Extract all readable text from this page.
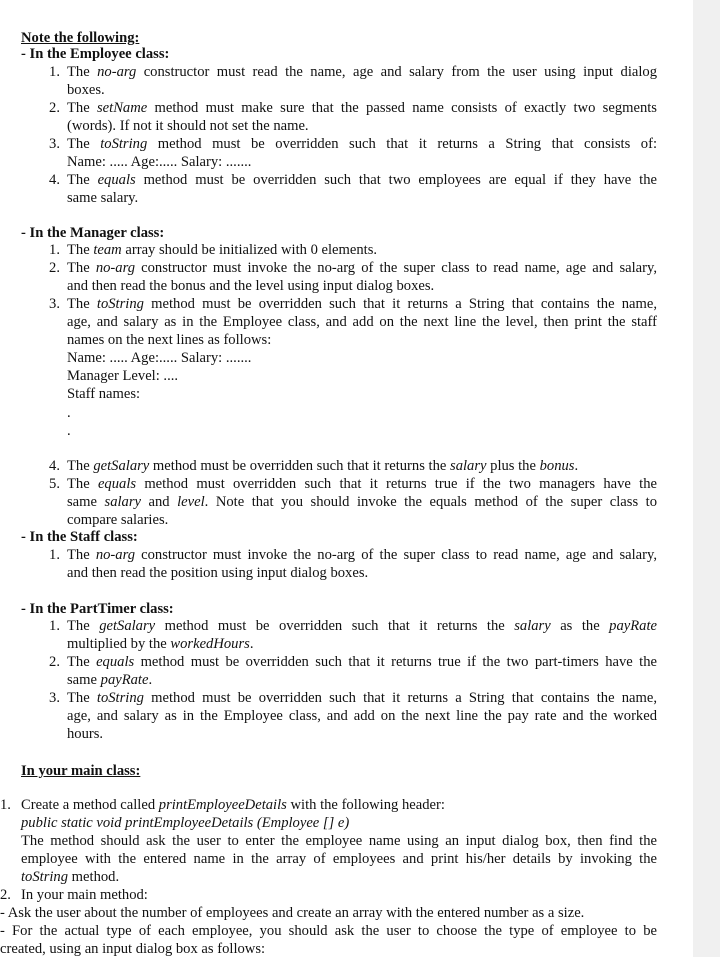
Note the following:
- In the Employee class:
1. The no-arg constructor must read the name, age and salary from the user using input dialog
boxes.
2. The setName method must make sure that the passed name consists of exactly two segments
(words). If not it should not set the name.
3. The toString method must be overridden such that it returns a String that consists of:
Name: ..... Age:..... Salary: .......
4. The equals method must be overridden such that two employees are equal if they have the
same salary.
- In the Manager class:
1. The team array should be initialized with 0 elements.
2. The no-arg constructor must invoke the no-arg of the super class to read name, age and salary,
and then read the bonus and the level using input dialog boxes.
3. The toString method must be overridden such that it returns a String that contains the name,
age, and salary as in the Employee class, and add on the next line the level, then print the staff
names on the next lines as follows:
Name: ..... Age:..... Salary: .......
Manager Level: ....
Staff names:
.
.
4. The getSalary method must be overridden such that it returns the salary plus the bonus.
5. The equals method must overridden such that it returns true if the two managers have the
same salary and level. Note that you should invoke the equals method of the super class to
compare salaries.
- In the Staff class:
1. The no-arg constructor must invoke the no-arg of the super class to read name, age and salary,
and then read the position using input dialog boxes.
- In the PartTimer class:
1. The getSalary method must be overridden such that it returns the salary as the payRate
multiplied by the workedHours.
2. The equals method must be overridden such that it returns true if the two part-timers have the
same payRate.
3. The toString method must be overridden such that it returns a String that contains the name,
age, and salary as in the Employee class, and add on the next line the pay rate and the worked
hours.
In your main class:
1. Create a method called printEmployeeDetails with the following header:
public static void printEmployeeDetails (Employee [] e)
The method should ask the user to enter the employee name using an input dialog box, then find the
employee with the entered name in the array of employees and print his/her details by invoking the
toString method.
2. In your main method:
- Ask the user about the number of employees and create an array with the entered number as a size.
- For the actual type of each employee, you should ask the user to choose the type of employee to be
created, using an input dialog box as follows:
